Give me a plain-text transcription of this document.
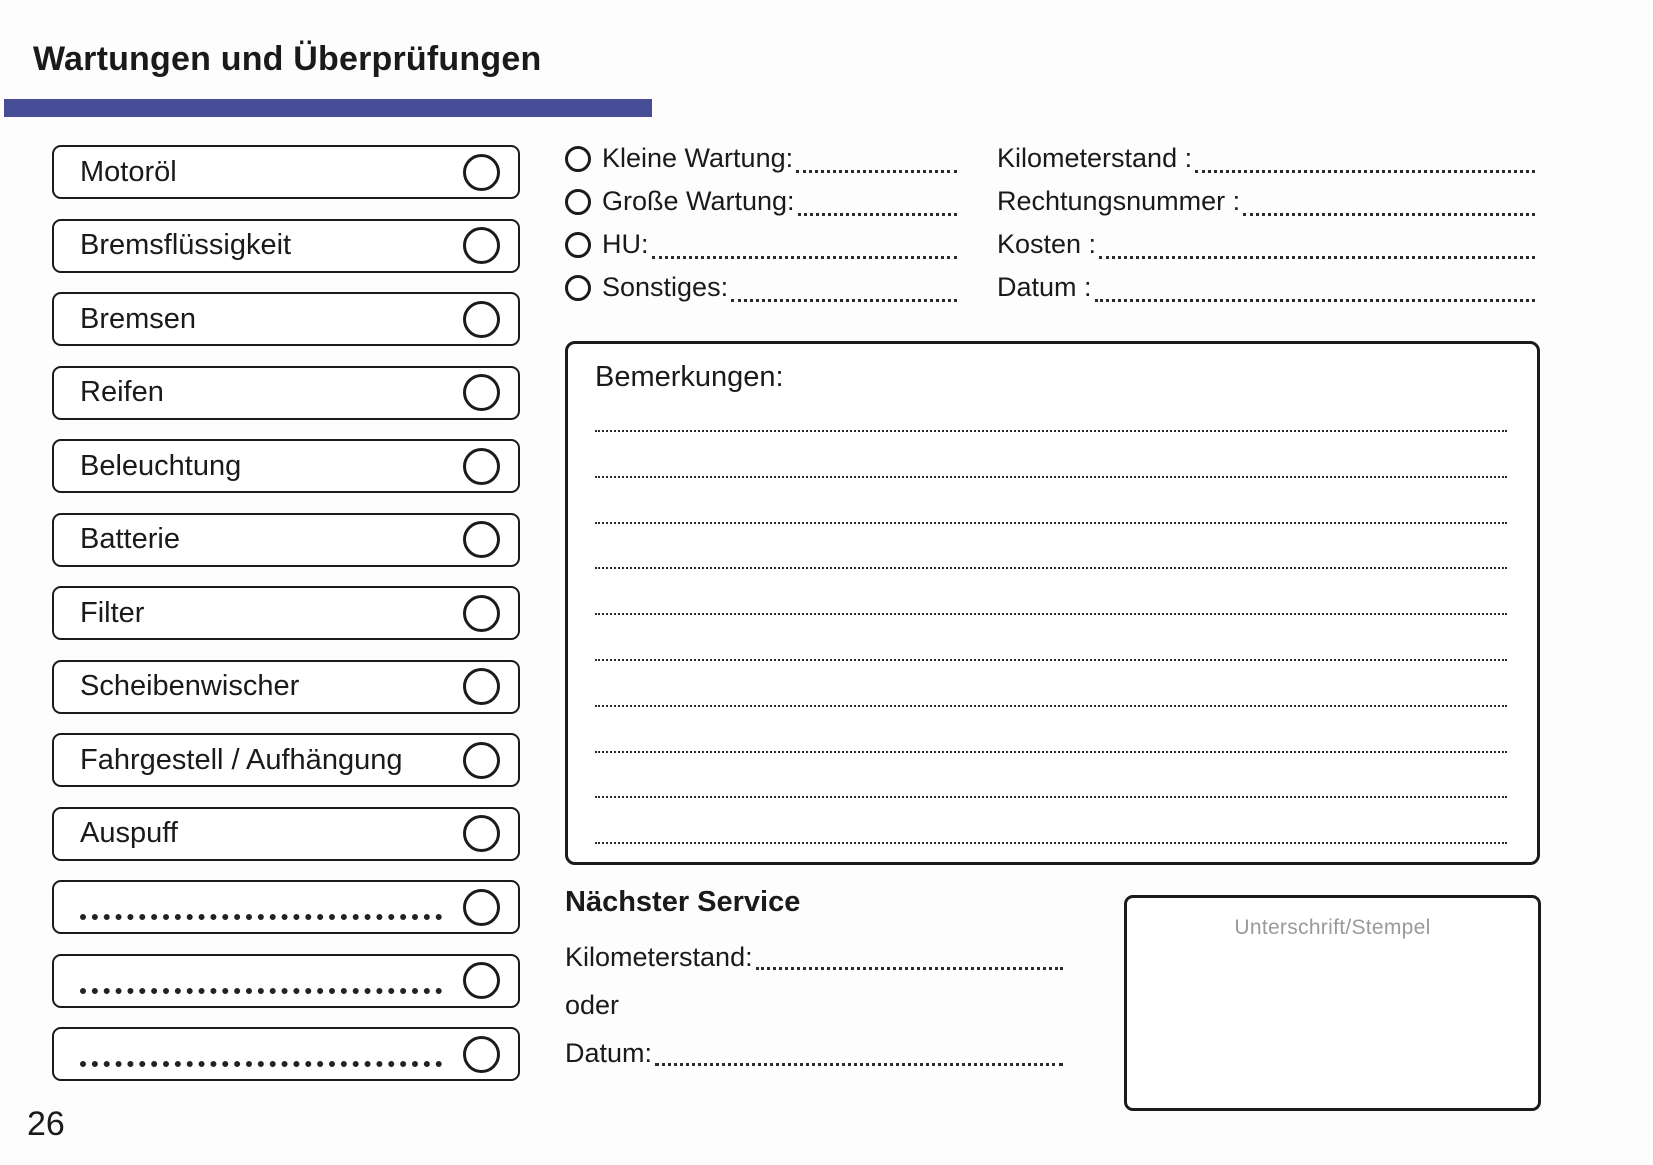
Wartungen und Überprüfungen
Motoröl
Bremsflüssigkeit
Bremsen
Reifen
Beleuchtung
Batterie
Filter
Scheibenwischer
Fahrgestell / Aufhängung
Auspuff
Kleine Wartung:
Große Wartung:
HU:
Sonstiges:
Kilometerstand :
Rechtungsnummer :
Kosten :
Datum :
Bemerkungen:
Nächster Service
Kilometerstand:
oder
Datum:
Unterschrift/Stempel
26
